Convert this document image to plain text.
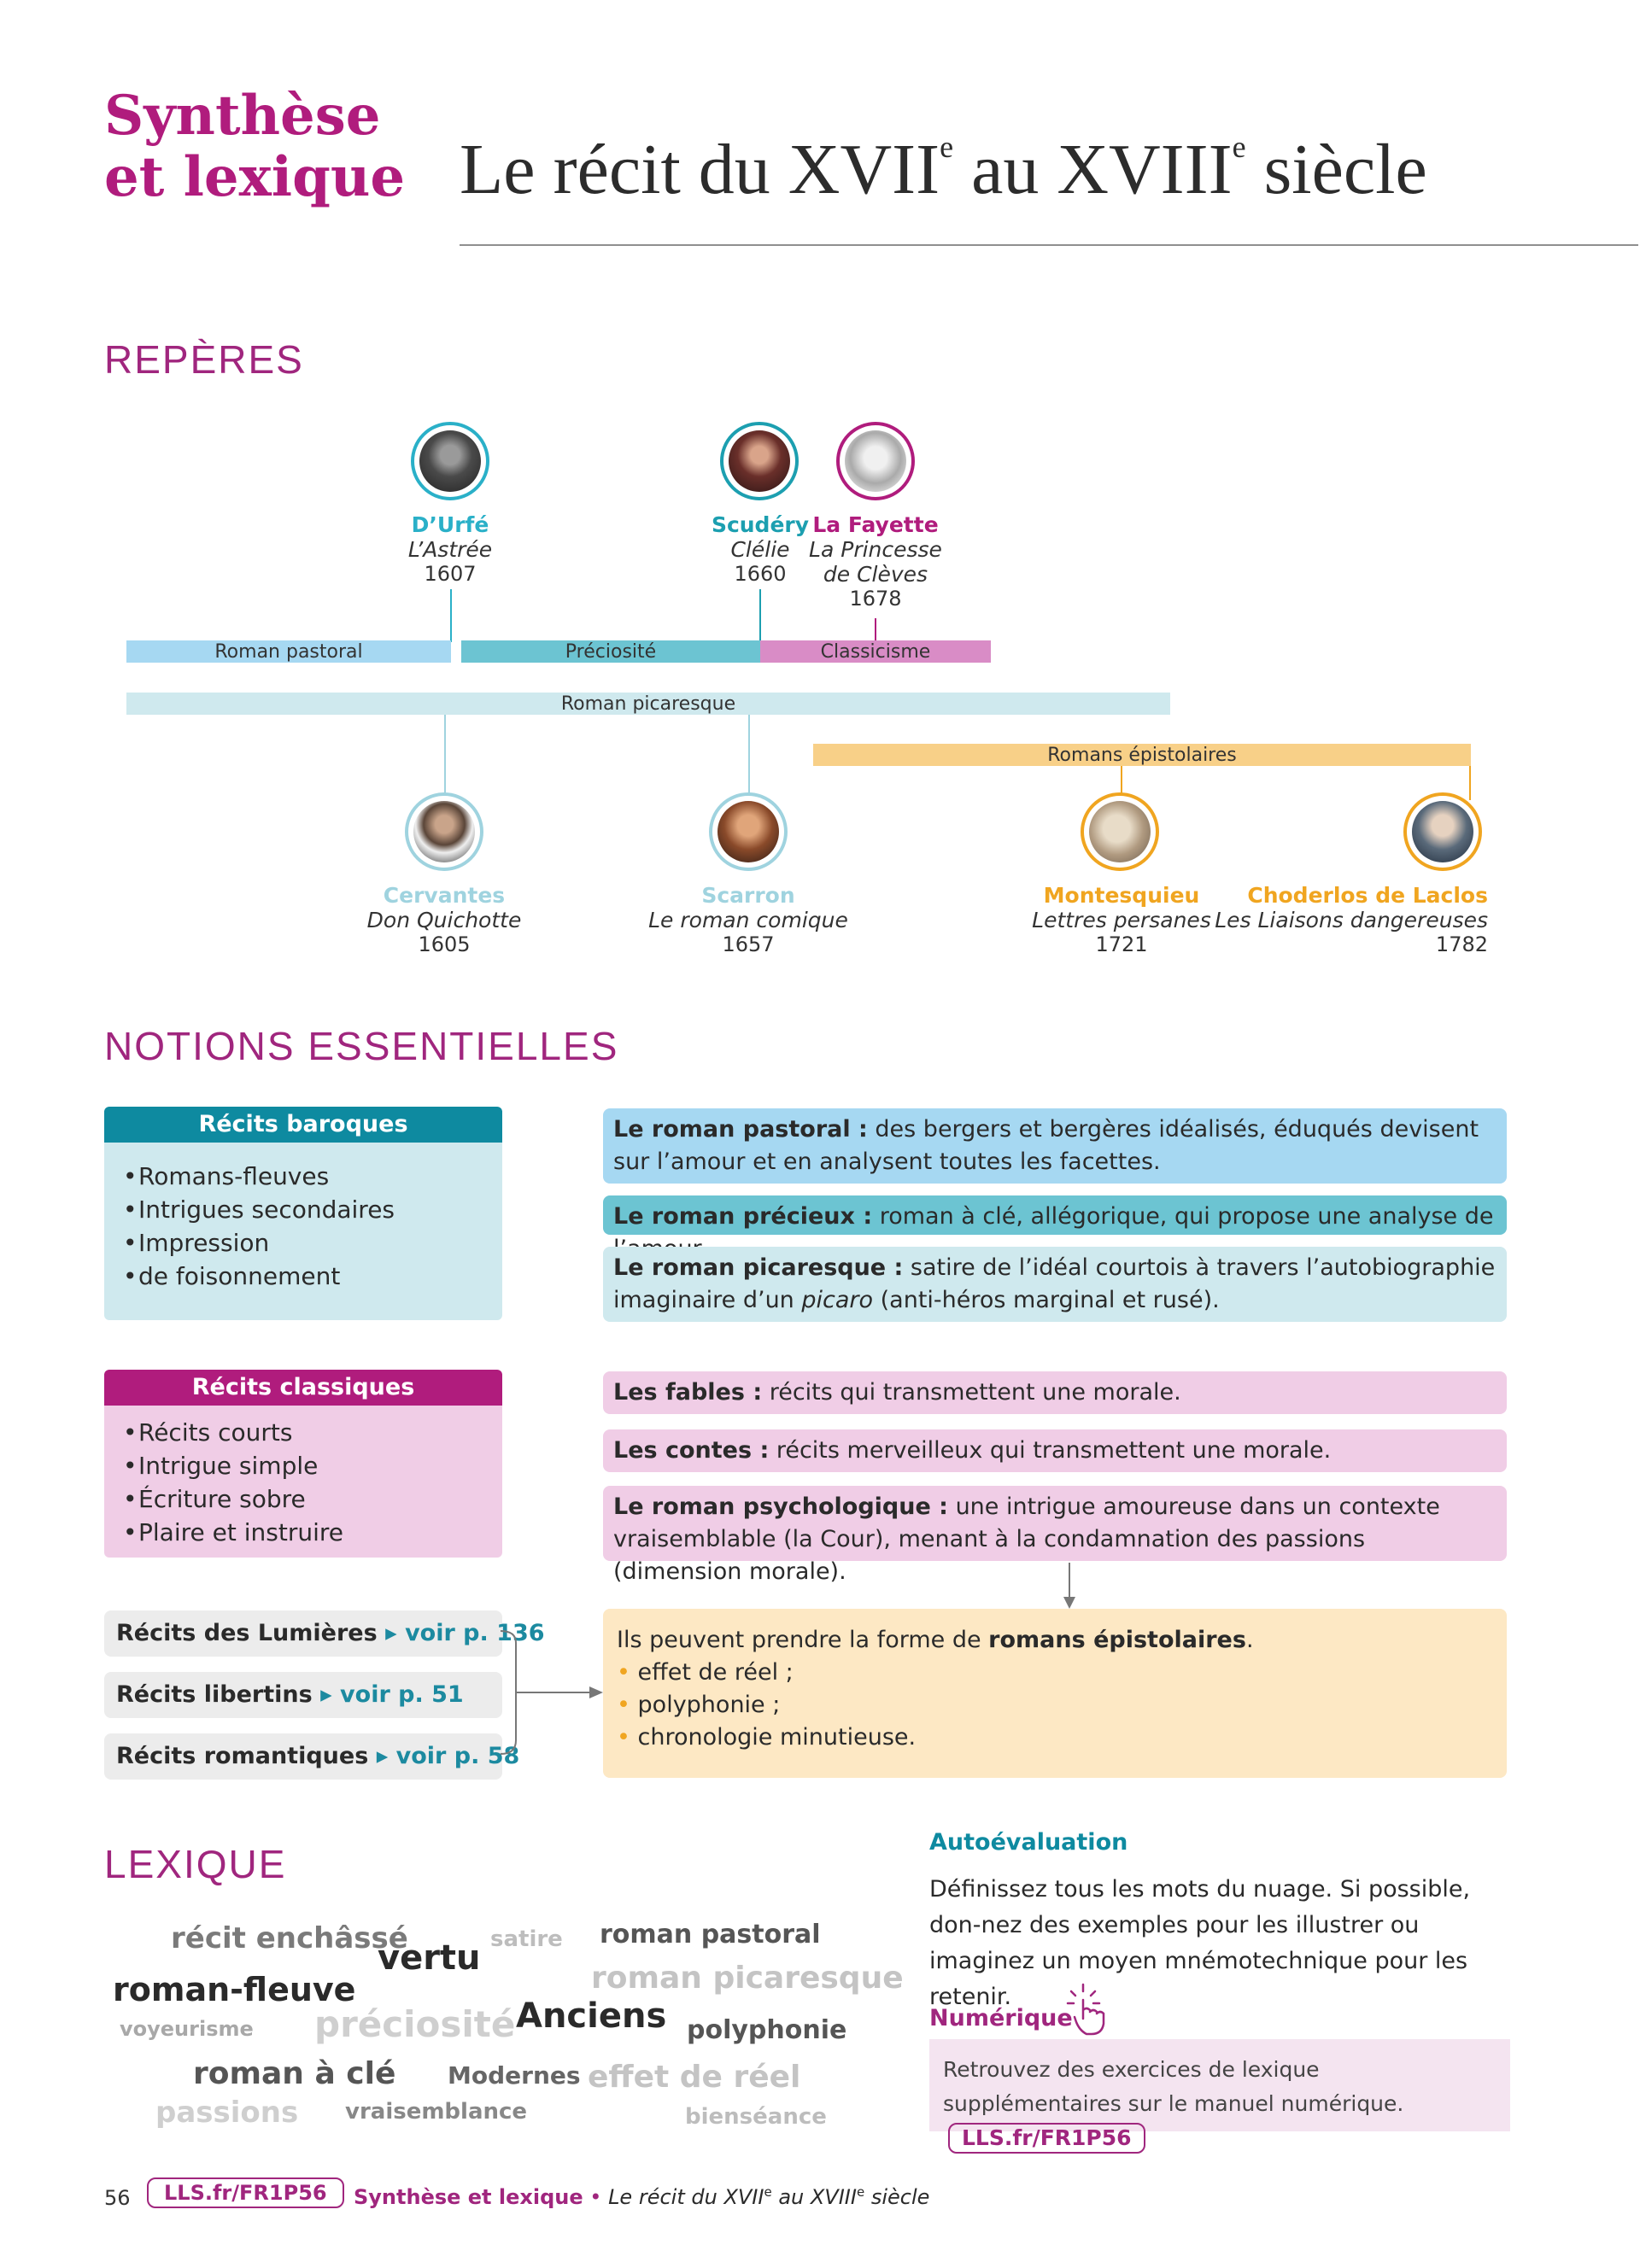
Synthèse
et lexique Le récit du XVIIe au XVIIIe siècle
REPÈRES
D’Urfé
L’Astrée
1607
Scudéry
Clélie
1660
La Fayette
La Princesse
de Clèves
1678
Roman pastoral	Préciosité	Classicisme
Roman picaresque
Romans épistolaires
Cervantes
Don Quichotte
1605
Scarron
Le roman comique
1657
Montesquieu
Lettres persanes
1721
Choderlos de Laclos
Les Liaisons dangereuses
1782
NOTIONS ESSENTIELLES
Récits baroques
• Romans-fleuves
• Intrigues secondaires
• Impression
• de foisonnement
Le roman pastoral : des bergers et bergères idéalisés, éduqués devisent sur l’amour et en analysent toutes les facettes.
Le roman précieux : roman à clé, allégorique, qui propose une analyse de
Le roman picaresque : satire de l’idéal courtois à travers l’autobiographie imaginaire d’un picaro (anti-héros marginal et rusé).
Récits classiques
• Récits courts
• Intrigue simple
• Écriture sobre
• Plaire et instruire
Les fables : récits qui transmettent une morale.
Les contes : récits merveilleux qui transmettent une morale.
Le roman psychologique : une intrigue amoureuse dans un contexte vraisemblable (la Cour), menant à la condamnation des passions (dimension morale).
Récits des Lumières ▸ voir p. 136
Récits libertins ▸ voir p. 51
Récits romantiques ▸ voir p. 58
Ils peuvent prendre la forme de romans épistolaires.
• effet de réel ;
• polyphonie ;
• chronologie minutieuse.
LEXIQUE
récit enchâssé
vertu satire roman pastoral
roman-fleuve	roman picaresque
voyeurisme préciosité Anciens polyphonie
roman à clé Modernes effet de réel
passions vraisemblance	bienséance
Autoévaluation
Définissez tous les mots du nuage. Si possible, don-nez des exemples pour les illustrer ou imaginez un moyen mnémotechnique pour les retenir.
Numérique
Retrouvez des exercices de lexique supplémentaires sur le manuel numérique. LLS.fr/FR1P56
56	LLS.fr/FR1P56	Synthèse et lexique • Le récit du XVIIe au XVIIIe siècle
